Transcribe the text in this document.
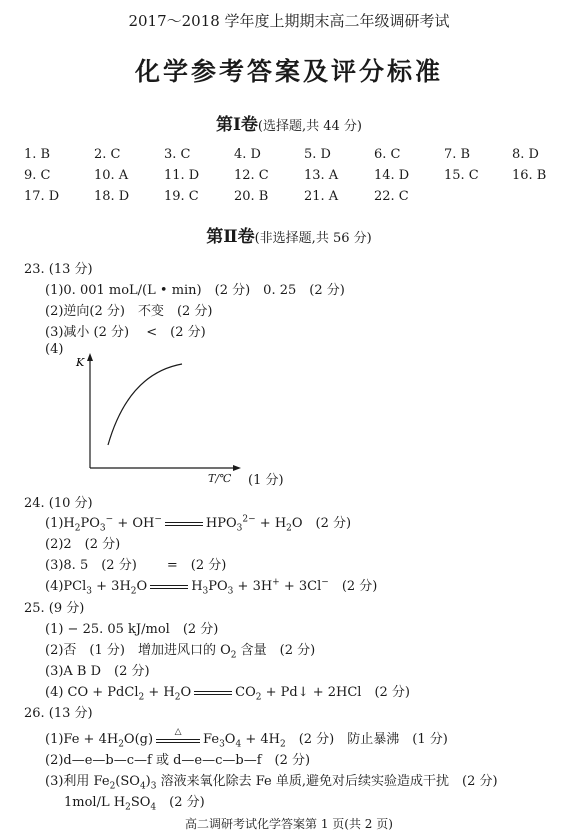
2017～2018 学年度上期期末高二年级调研考试
化学参考答案及评分标准
第Ⅰ卷(选择题,共 44 分)
1. B	2. C	3. C	4. D	5. D	6. C	7. B	8. D
9. C	10. A	11. D	12. C	13. A	14. D	15. C	16. B
17. D	18. D	19. C	20. B	21. A	22. C
第Ⅱ卷(非选择题,共 56 分)
23. (13 分)
(1)0. 001 moL/(L • min)　(2 分)　0. 25　(2 分)
(2)逆向(2 分)　不变　(2 分)
(3)减小 (2 分)　 <　(2 分)
(4)
K
T/℃ (1 分)
24. (10 分)
$(1)H_2PO_3^- + OH^-$	$HPO_3^{2-} + H_2O$　(2 分)
(2)2　(2 分)
(3)8. 5　(2 分)　　 =　(2 分)
$(4)PCl_3 + 3H_2O$	$H_3PO_3 + 3H^+ + 3Cl^-$　(2 分)
25. (9 分)
(1) − 25. 05 kJ/mol　(2 分)
(2)否　(1 分)　增加进风口的 $O_2$ 含量　(2 分)
(3)A B D　(2 分)
(4) CO + PdCl$_2$ + $H_2O$	$CO_2$ + Pd↓ + 2HCl　(2 分)
26. (13 分)
$(1)Fe + 4H_2O(g)$
△
$Fe_3O_4 + 4H_2$　(2 分)　防止暴沸　(1 分)
(2)d—e—b—c—f 或 d—e—c—b—f　(2 分)
(3)利用 $Fe_2(SO_4)_3$ 溶液来氧化除去 Fe 单质,避免对后续实验造成干扰　(2 分)
1mol/L $H_2SO_4$　(2 分)
高二调研考试化学答案第 1 页(共 2 页)
